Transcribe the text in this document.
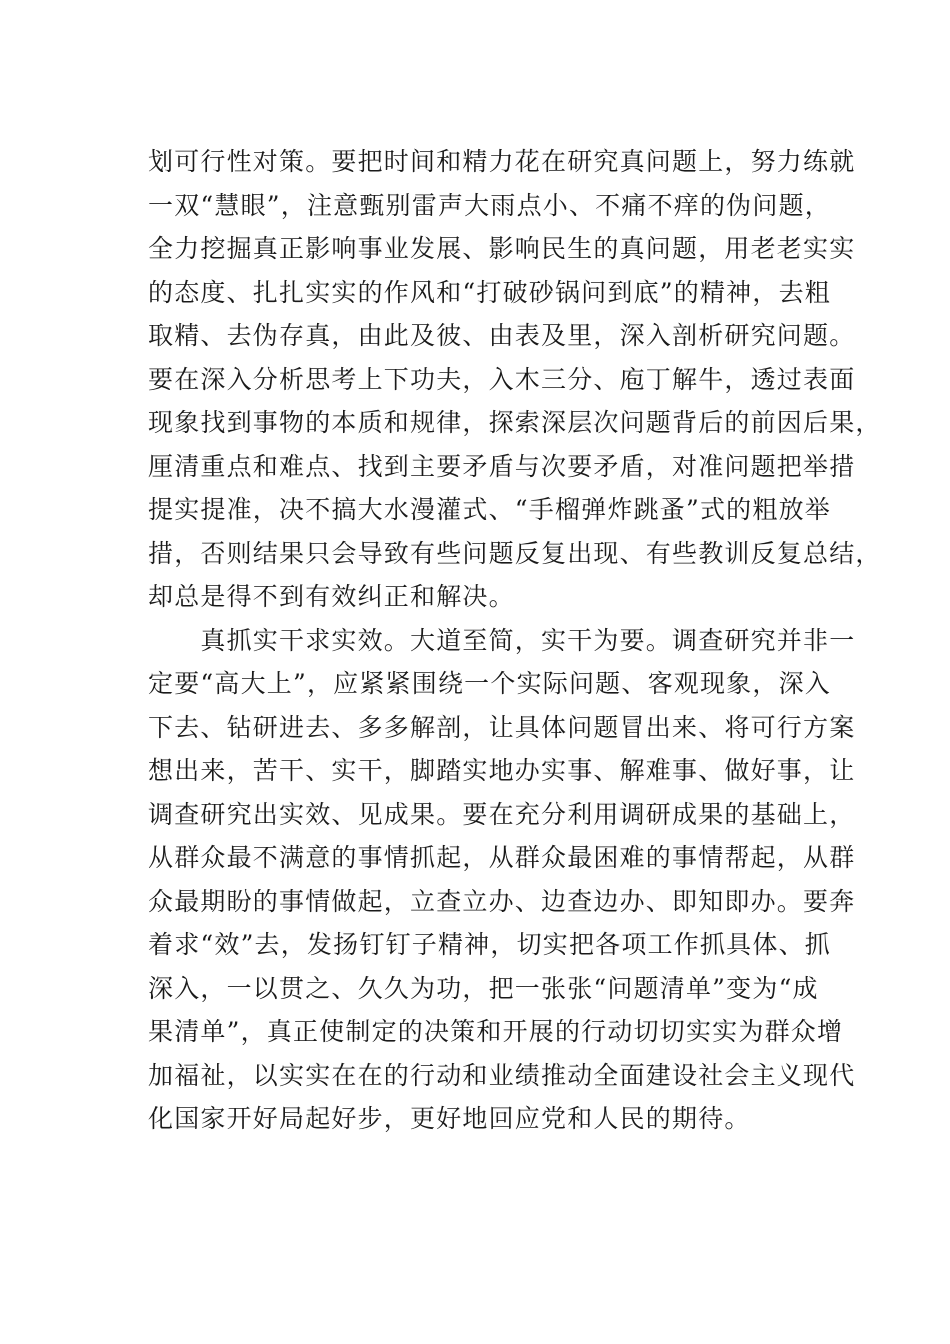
划可行性对策。要把时间和精力花在研究真问题上，努力练就
一双“慧眼”，注意甄别雷声大雨点小、不痛不痒的伪问题，
全力挖掘真正影响事业发展、影响民生的真问题，用老老实实
的态度、扎扎实实的作风和“打破砂锅问到底”的精神，去粗
取精、去伪存真，由此及彼、由表及里，深入剖析研究问题。
要在深入分析思考上下功夫，入木三分、庖丁解牛，透过表面
现象找到事物的本质和规律，探索深层次问题背后的前因后果，
厘清重点和难点、找到主要矛盾与次要矛盾，对准问题把举措
提实提准，决不搞大水漫灌式、“手榴弹炸跳蚤”式的粗放举
措，否则结果只会导致有些问题反复出现、有些教训反复总结，
却总是得不到有效纠正和解决。
　　真抓实干求实效。大道至简，实干为要。调查研究并非一
定要“高大上”，应紧紧围绕一个实际问题、客观现象，深入
下去、钻研进去、多多解剖，让具体问题冒出来、将可行方案
想出来，苦干、实干，脚踏实地办实事、解难事、做好事，让
调查研究出实效、见成果。要在充分利用调研成果的基础上，
从群众最不满意的事情抓起，从群众最困难的事情帮起，从群
众最期盼的事情做起，立查立办、边查边办、即知即办。要奔
着求“效”去，发扬钉钉子精神，切实把各项工作抓具体、抓
深入，一以贯之、久久为功，把一张张“问题清单”变为“成
果清单”，真正使制定的决策和开展的行动切切实实为群众增
加福祉，以实实在在的行动和业绩推动全面建设社会主义现代
化国家开好局起好步，更好地回应党和人民的期待。
